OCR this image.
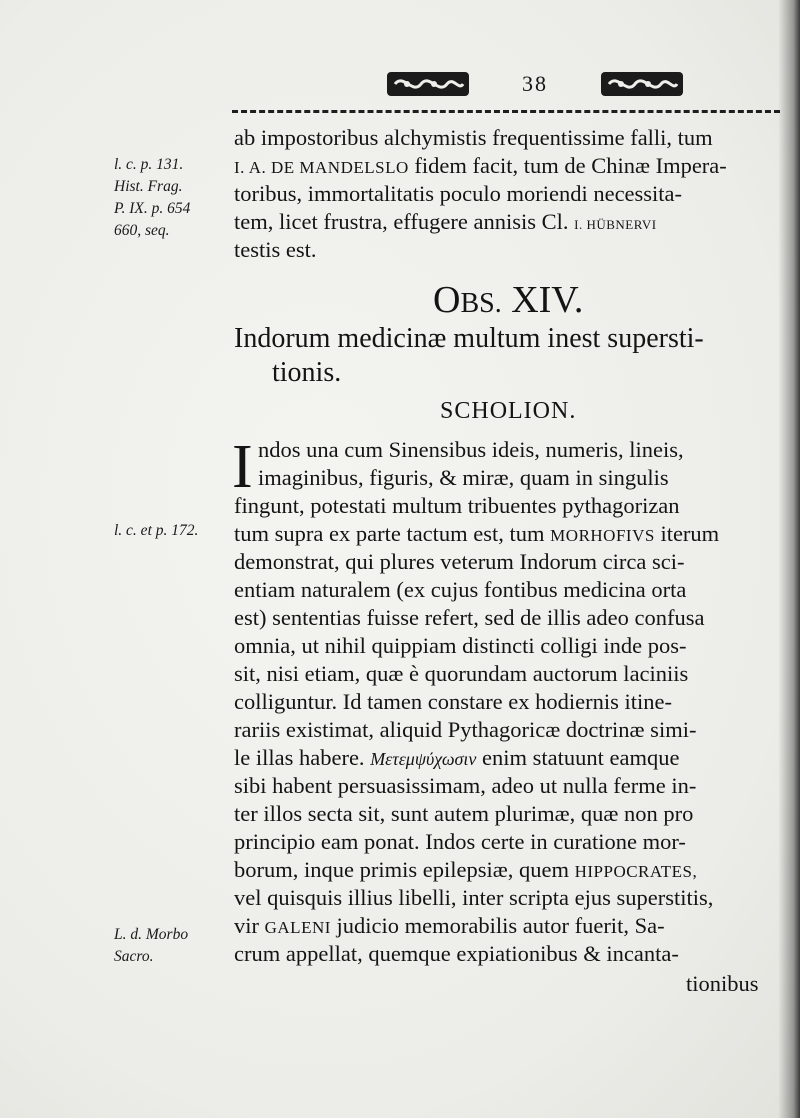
38
l. c. p. 131.
Hist. Frag.
P. IX. p. 654
660, seq.
l. c. et p. 172.
L. d. Morbo
Sacro.
ab impostoribus alchymistis frequentissime falli, tum
I. A. DE MANDELSLO fidem facit, tum de Chinæ Impera-
toribus, immortalitatis poculo moriendi necessita-
tem, licet frustra, effugere annisis Cl. I. HÜBNERVI
testis est.
OBS. XIV.
Indorum medicinæ multum inest supersti-
tionis.
SCHOLION.
I ndos una cum Sinensibus ideis, numeris, lineis,
imaginibus, figuris, & miræ, quam in singulis
fingunt, potestati multum tribuentes pythagorizan
tum supra ex parte tactum est, tum MORHOFIVS iterum
demonstrat, qui plures veterum Indorum circa sci-
entiam naturalem (ex cujus fontibus medicina orta
est) sententias fuisse refert, sed de illis adeo confusa
omnia, ut nihil quippiam distincti colligi inde pos-
sit, nisi etiam, quæ è quorundam auctorum laciniis
colliguntur. Id tamen constare ex hodiernis itine-
rariis existimat, aliquid Pythagoricæ doctrinæ simi-
le illas habere. Μετεμψύχωσιν enim statuunt eamque
sibi habent persuasissimam, adeo ut nulla ferme in-
ter illos secta sit, sunt autem plurimæ, quæ non pro
principio eam ponat. Indos certe in curatione mor-
borum, inque primis epilepsiæ, quem HIPPOCRATES,
vel quisquis illius libelli, inter scripta ejus superstitis,
vir GALENI judicio memorabilis autor fuerit, Sa-
crum appellat, quemque expiationibus & incanta-
tionibus
